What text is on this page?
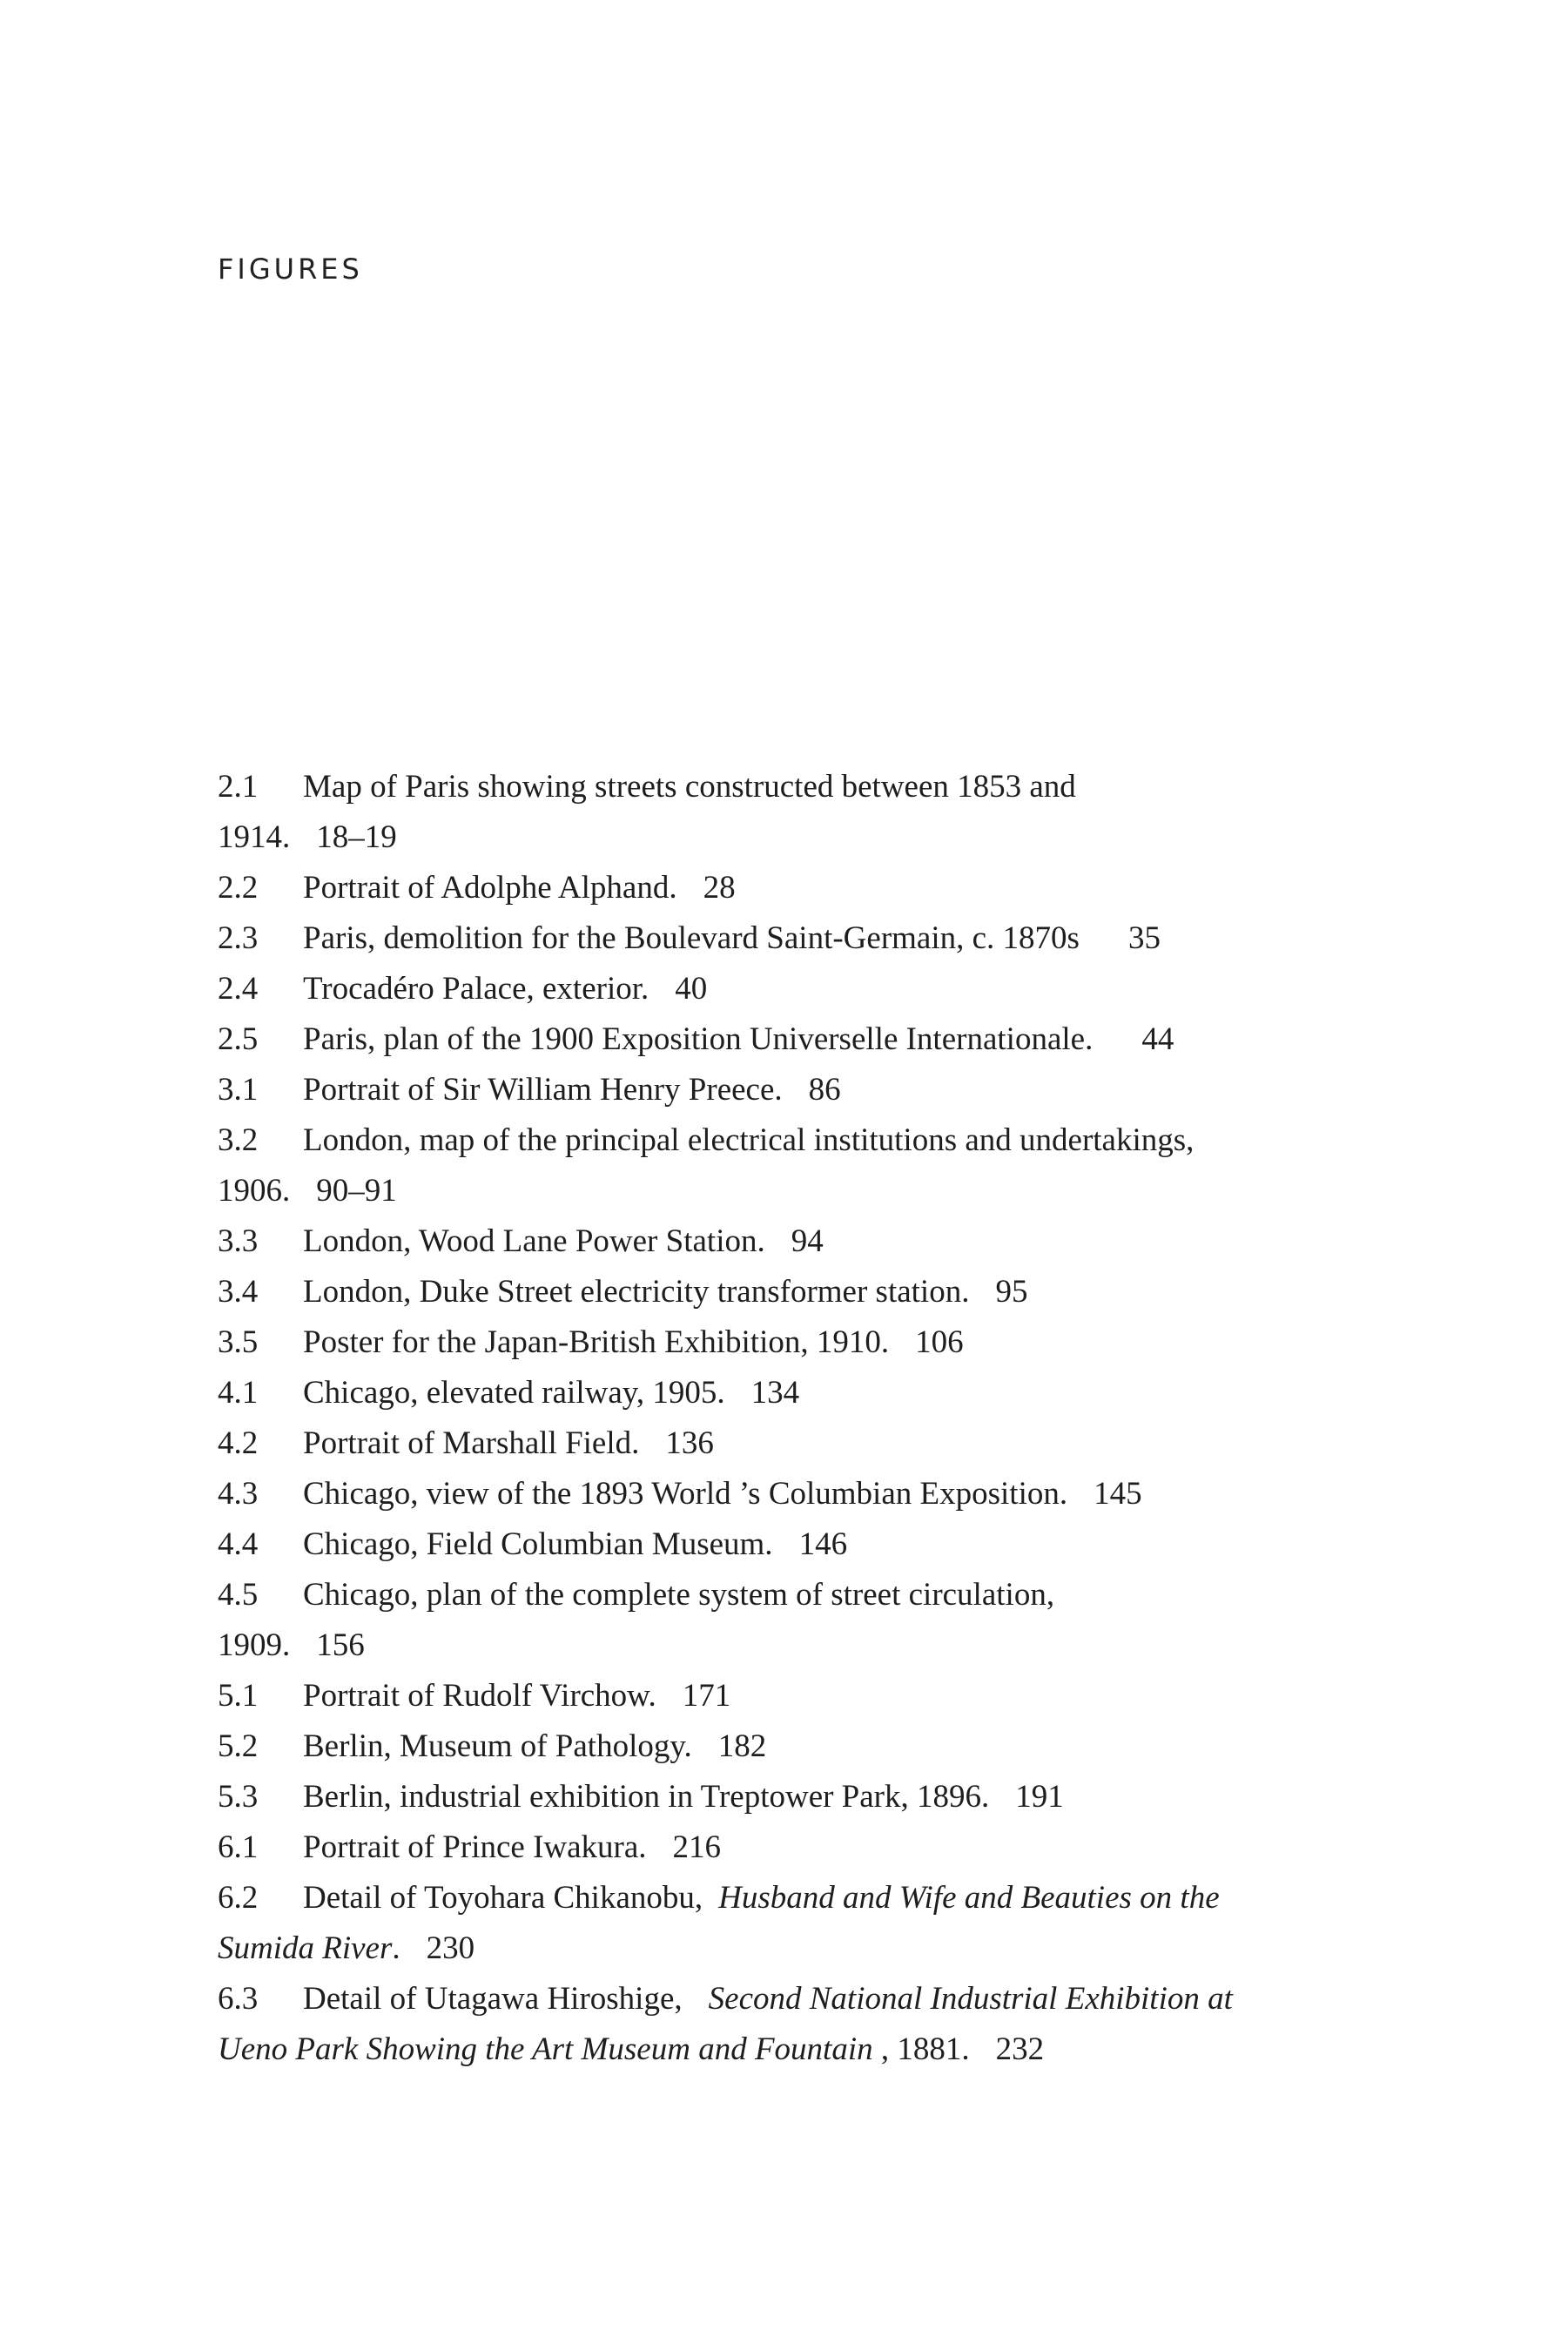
FIGURES
2.1 Map of Paris showing streets constructed between 1853 and
1914. 18–19
2.2 Portrait of Adolphe Alphand. 28
2.3 Paris, demolition for the Boulevard Saint-Germain, c. 1870s 35
2.4 Trocadéro Palace, exterior. 40
2.5 Paris, plan of the 1900 Exposition Universelle Internationale. 44
3.1 Portrait of Sir William Henry Preece. 86
3.2 London, map of the principal electrical institutions and undertakings,
1906. 90–91
3.3 London, Wood Lane Power Station. 94
3.4 London, Duke Street electricity transformer station. 95
3.5 Poster for the Japan-British Exhibition, 1910. 106
4.1 Chicago, elevated railway, 1905. 134
4.2 Portrait of Marshall Field. 136
4.3 Chicago, view of the 1893 World ’s Columbian Exposition. 145
4.4 Chicago, Field Columbian Museum. 146
4.5 Chicago, plan of the complete system of street circulation,
1909. 156
5.1 Portrait of Rudolf Virchow. 171
5.2 Berlin, Museum of Pathology. 182
5.3 Berlin, industrial exhibition in Treptower Park, 1896. 191
6.1 Portrait of Prince Iwakura. 216
6.2 Detail of Toyohara Chikanobu, Husband and Wife and Beauties on the
Sumida River. 230
6.3 Detail of Utagawa Hiroshige, Second National Industrial Exhibition at
Ueno Park Showing the Art Museum and Fountain , 1881. 232
